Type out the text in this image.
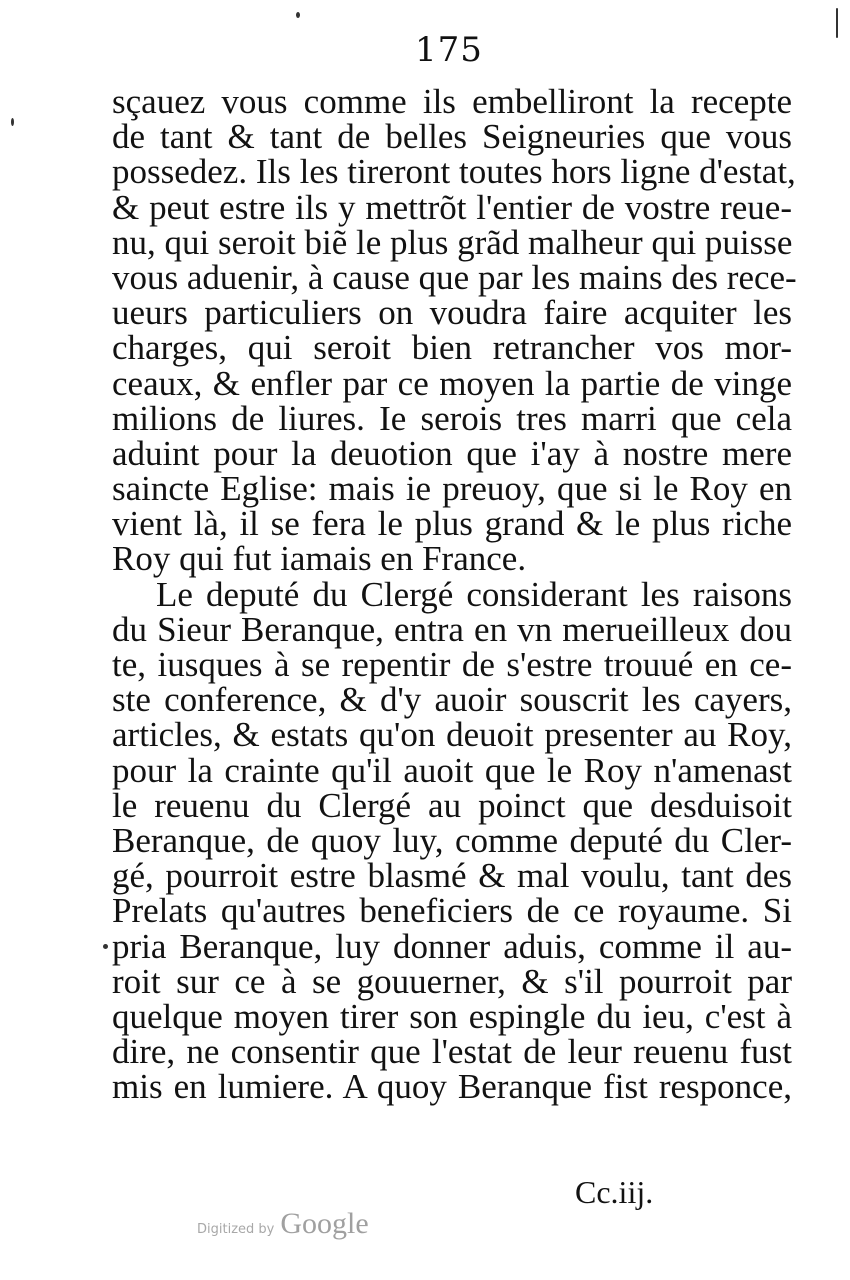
175
sçauez vous comme ils embelliront la recepte
de tant & tant de belles Seigneuries que vous
possedez. Ils les tireront toutes hors ligne d'estat,
& peut estre ils y mettrõt l'entier de vostre reue-
nu, qui seroit biẽ le plus grãd malheur qui puisse
vous aduenir, à cause que par les mains des rece-
ueurs particuliers on voudra faire acquiter les
charges, qui seroit bien retrancher vos mor-
ceaux, & enfler par ce moyen la partie de vinge
milions de liures. Ie serois tres marri que cela
aduint pour la deuotion que i'ay à nostre mere
saincte Eglise: mais ie preuoy, que si le Roy en
vient là, il se fera le plus grand & le plus riche
Roy qui fut iamais en France.
Le deputé du Clergé considerant les raisons
du Sieur Beranque, entra en vn merueilleux dou
te, iusques à se repentir de s'estre trouué en ce-
ste conference, & d'y auoir souscrit les cayers,
articles, & estats qu'on deuoit presenter au Roy,
pour la crainte qu'il auoit que le Roy n'amenast
le reuenu du Clergé au poinct que desduisoit
Beranque, de quoy luy, comme deputé du Cler-
gé, pourroit estre blasmé & mal voulu, tant des
Prelats qu'autres beneficiers de ce royaume. Si
pria Beranque, luy donner aduis, comme il au-
roit sur ce à se gouuerner, & s'il pourroit par
quelque moyen tirer son espingle du ieu, c'est à
dire, ne consentir que l'estat de leur reuenu fust
mis en lumiere. A quoy Beranque fist responce,
Cc.iij.
Digitized by Google
